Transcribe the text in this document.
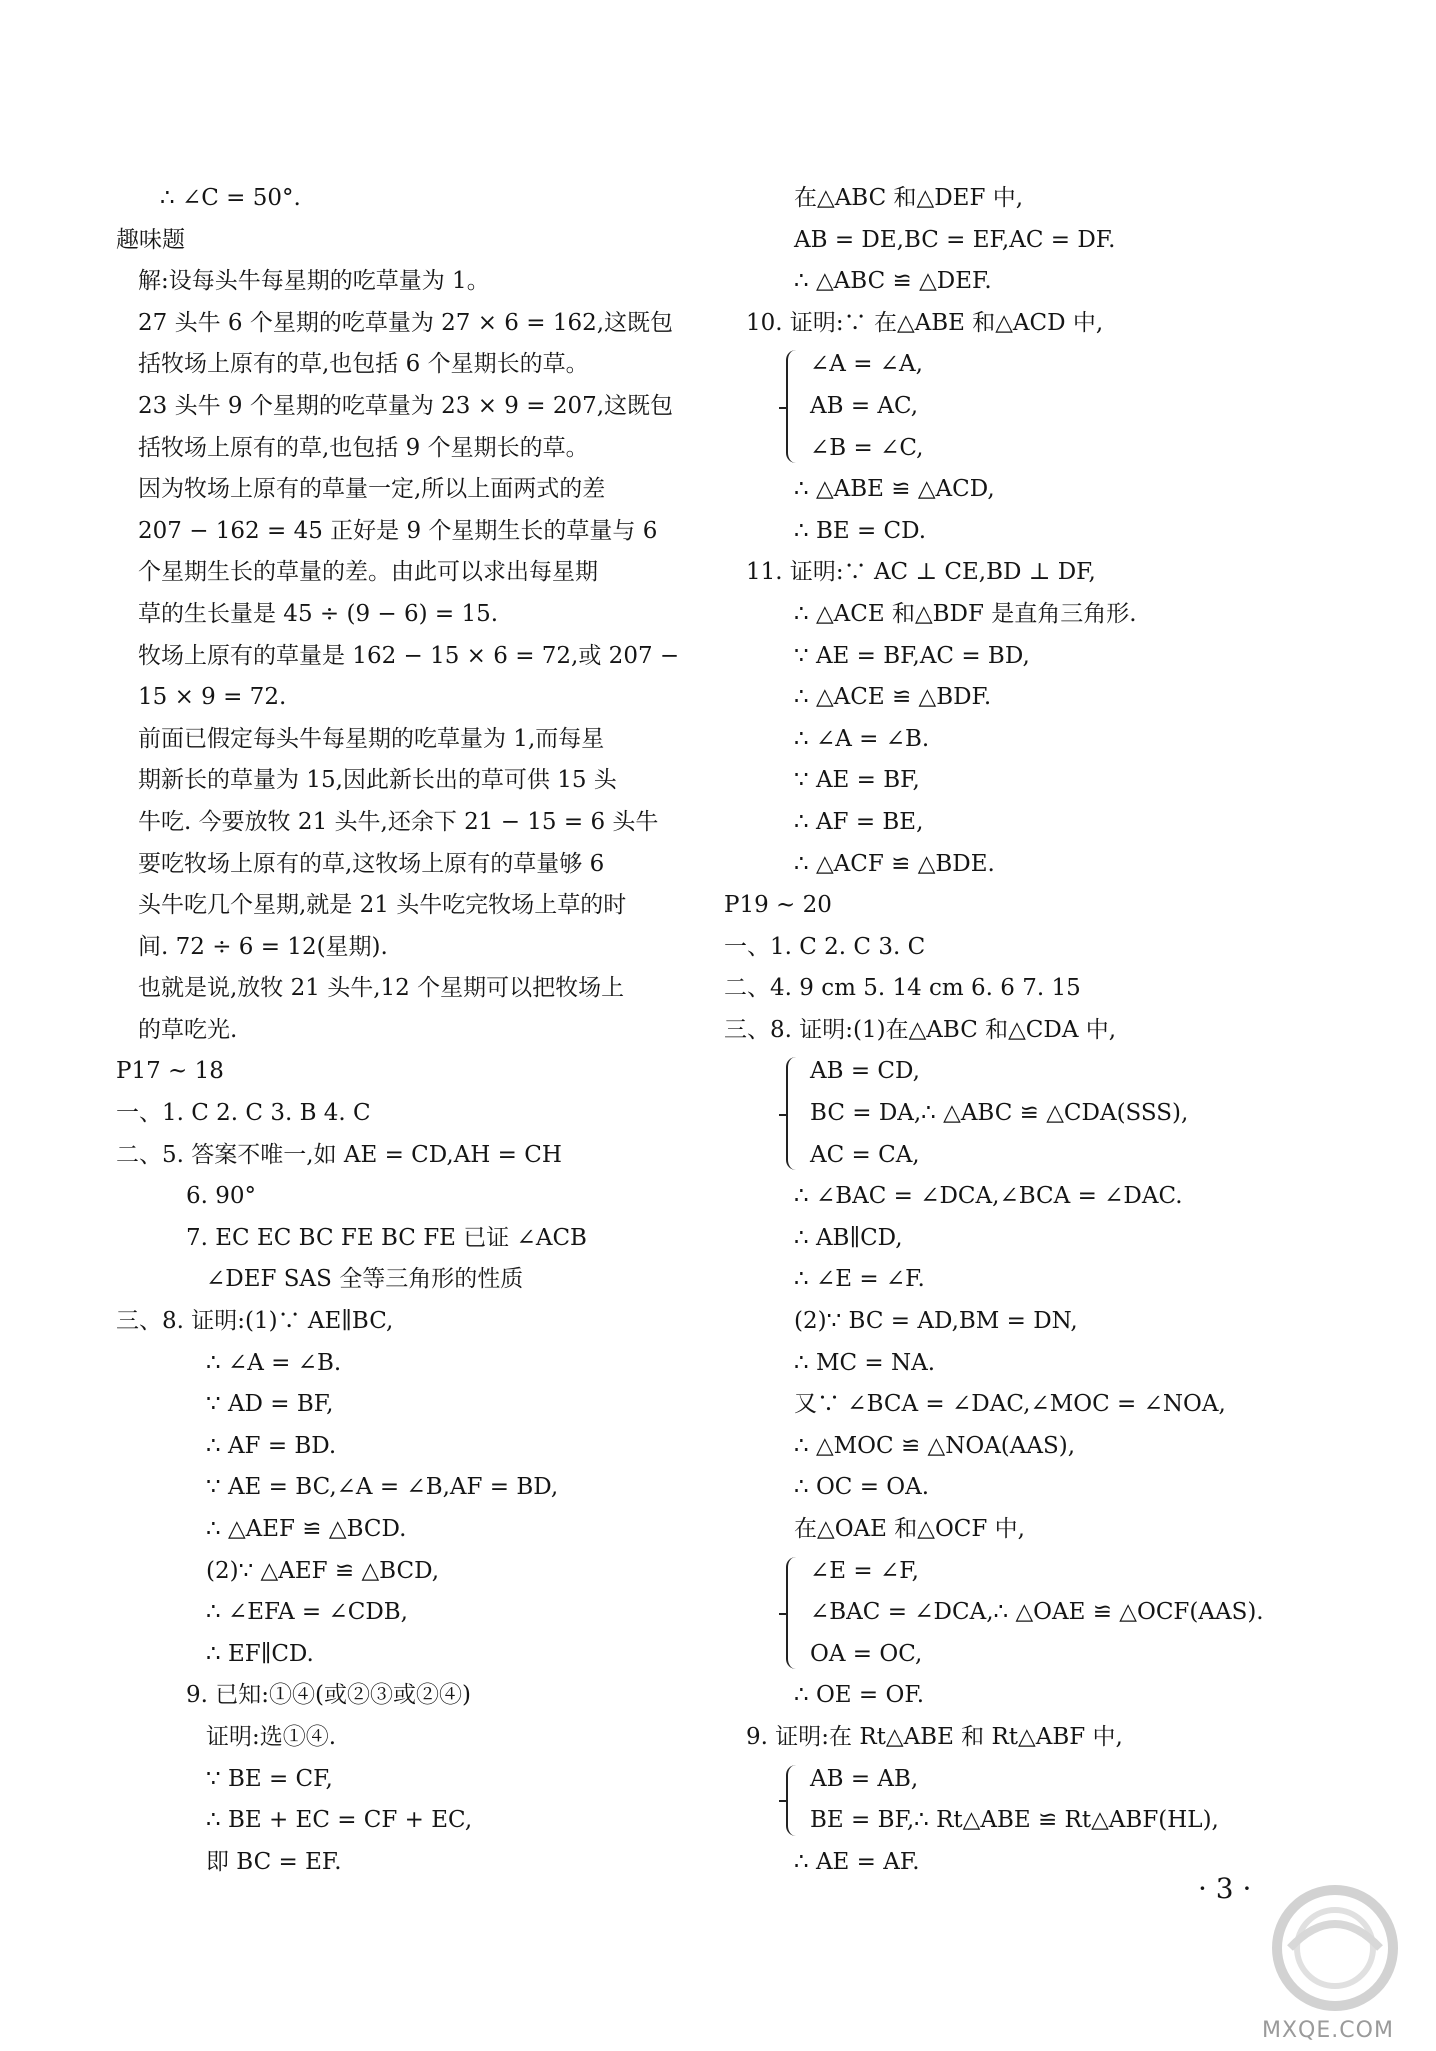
∴ ∠C = 50°.
趣味题
解:设每头牛每星期的吃草量为 1。
27 头牛 6 个星期的吃草量为 27 × 6 = 162,这既包
括牧场上原有的草,也包括 6 个星期长的草。
23 头牛 9 个星期的吃草量为 23 × 9 = 207,这既包
括牧场上原有的草,也包括 9 个星期长的草。
因为牧场上原有的草量一定,所以上面两式的差
207 − 162 = 45 正好是 9 个星期生长的草量与 6
个星期生长的草量的差。由此可以求出每星期
草的生长量是 45 ÷ (9 − 6) = 15.
牧场上原有的草量是 162 − 15 × 6 = 72,或 207 −
15 × 9 = 72.
前面已假定每头牛每星期的吃草量为 1,而每星
期新长的草量为 15,因此新长出的草可供 15 头
牛吃. 今要放牧 21 头牛,还余下 21 − 15 = 6 头牛
要吃牧场上原有的草,这牧场上原有的草量够 6
头牛吃几个星期,就是 21 头牛吃完牧场上草的时
间. 72 ÷ 6 = 12(星期).
也就是说,放牧 21 头牛,12 个星期可以把牧场上
的草吃光.
P17 ~ 18
一、1. C 2. C 3. B 4. C
二、5. 答案不唯一,如 AE = CD,AH = CH
6. 90°
7. EC EC BC FE BC FE 已证 ∠ACB
∠DEF SAS 全等三角形的性质
三、8. 证明:(1)∵ AE∥BC,
∴ ∠A = ∠B.
∵ AD = BF,
∴ AF = BD.
∵ AE = BC,∠A = ∠B,AF = BD,
∴ △AEF ≌ △BCD.
(2)∵ △AEF ≌ △BCD,
∴ ∠EFA = ∠CDB,
∴ EF∥CD.
9. 已知:①④(或②③或②④)
证明:选①④.
∵ BE = CF,
∴ BE + EC = CF + EC,
即 BC = EF.
在△ABC 和△DEF 中,
AB = DE,BC = EF,AC = DF.
∴ △ABC ≌ △DEF.
10. 证明:∵ 在△ABE 和△ACD 中,
∠A = ∠A,
AB = AC,
∠B = ∠C,
∴ △ABE ≌ △ACD,
∴ BE = CD.
11. 证明:∵ AC ⊥ CE,BD ⊥ DF,
∴ △ACE 和△BDF 是直角三角形.
∵ AE = BF,AC = BD,
∴ △ACE ≌ △BDF.
∴ ∠A = ∠B.
∵ AE = BF,
∴ AF = BE,
∴ △ACF ≌ △BDE.
P19 ~ 20
一、1. C 2. C 3. C
二、4. 9 cm 5. 14 cm 6. 6 7. 15
三、8. 证明:(1)在△ABC 和△CDA 中,
AB = CD,
BC = DA,∴ △ABC ≌ △CDA(SSS),
AC = CA,
∴ ∠BAC = ∠DCA,∠BCA = ∠DAC.
∴ AB∥CD,
∴ ∠E = ∠F.
(2)∵ BC = AD,BM = DN,
∴ MC = NA.
又∵ ∠BCA = ∠DAC,∠MOC = ∠NOA,
∴ △MOC ≌ △NOA(AAS),
∴ OC = OA.
在△OAE 和△OCF 中,
∠E = ∠F,
∠BAC = ∠DCA,∴ △OAE ≌ △OCF(AAS).
OA = OC,
∴ OE = OF.
9. 证明:在 Rt△ABE 和 Rt△ABF 中,
AB = AB,
BE = BF,∴ Rt△ABE ≌ Rt△ABF(HL),
∴ AE = AF.
· 3 ·
MXQE.COM
